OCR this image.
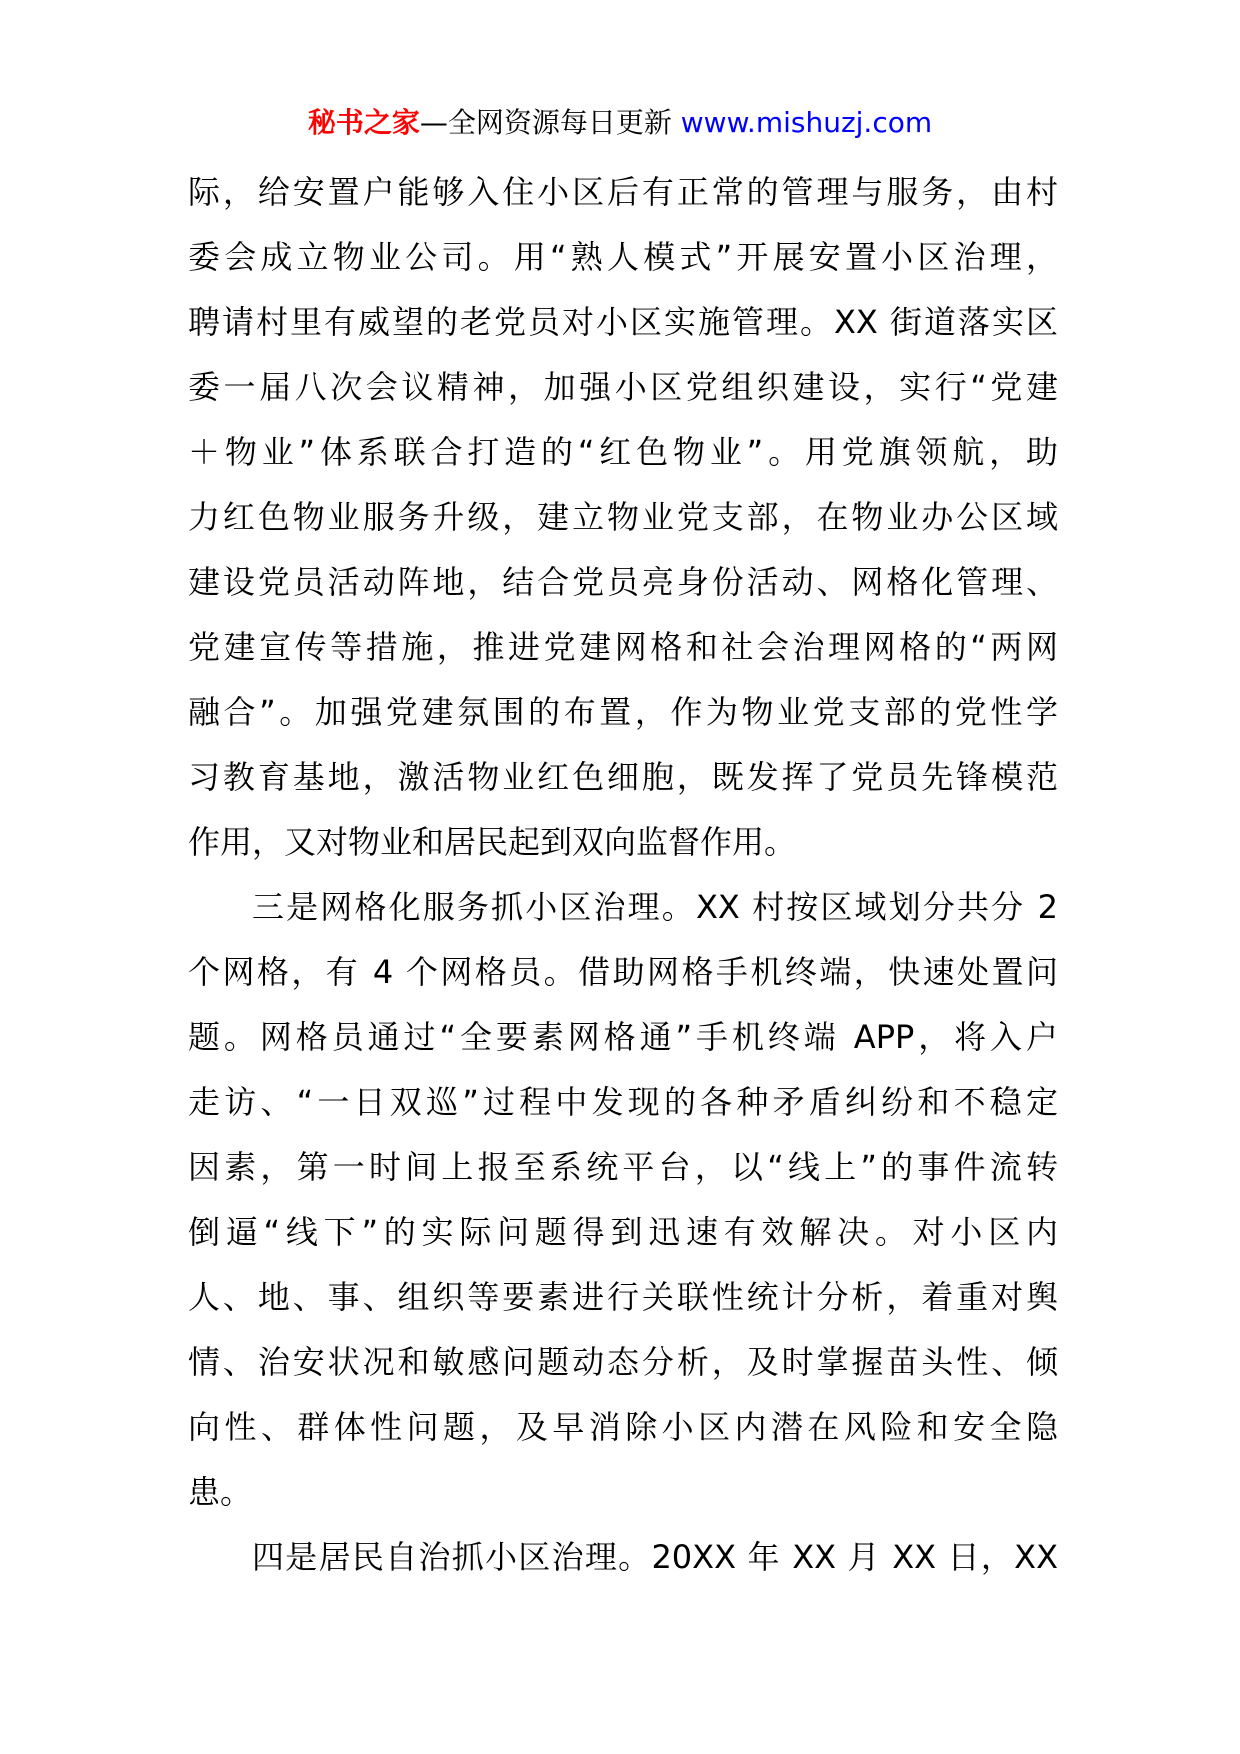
秘书之家—全网资源每日更新 www.mishuzj.com
际，给安置户能够入住小区后有正常的管理与服务，由村
委会成立物业公司。用“熟人模式”开展安置小区治理，
聘请村里有威望的老党员对小区实施管理。XX 街道落实区
委一届八次会议精神，加强小区党组织建设，实行“党建
＋物业”体系联合打造的“红色物业”。用党旗领航，助
力红色物业服务升级，建立物业党支部，在物业办公区域
建设党员活动阵地，结合党员亮身份活动、网格化管理、
党建宣传等措施，推进党建网格和社会治理网格的“两网
融合”。加强党建氛围的布置，作为物业党支部的党性学
习教育基地，激活物业红色细胞，既发挥了党员先锋模范
作用，又对物业和居民起到双向监督作用。
三是网格化服务抓小区治理。XX 村按区域划分共分 2
个网格，有 4 个网格员。借助网格手机终端，快速处置问
题。网格员通过“全要素网格通”手机终端 APP，将入户
走访、“一日双巡”过程中发现的各种矛盾纠纷和不稳定
因素，第一时间上报至系统平台，以“线上”的事件流转
倒逼“线下”的实际问题得到迅速有效解决。对小区内
人、地、事、组织等要素进行关联性统计分析，着重对舆
情、治安状况和敏感问题动态分析，及时掌握苗头性、倾
向性、群体性问题，及早消除小区内潜在风险和安全隐
患。
四是居民自治抓小区治理。20XX 年 XX 月 XX 日，XX
